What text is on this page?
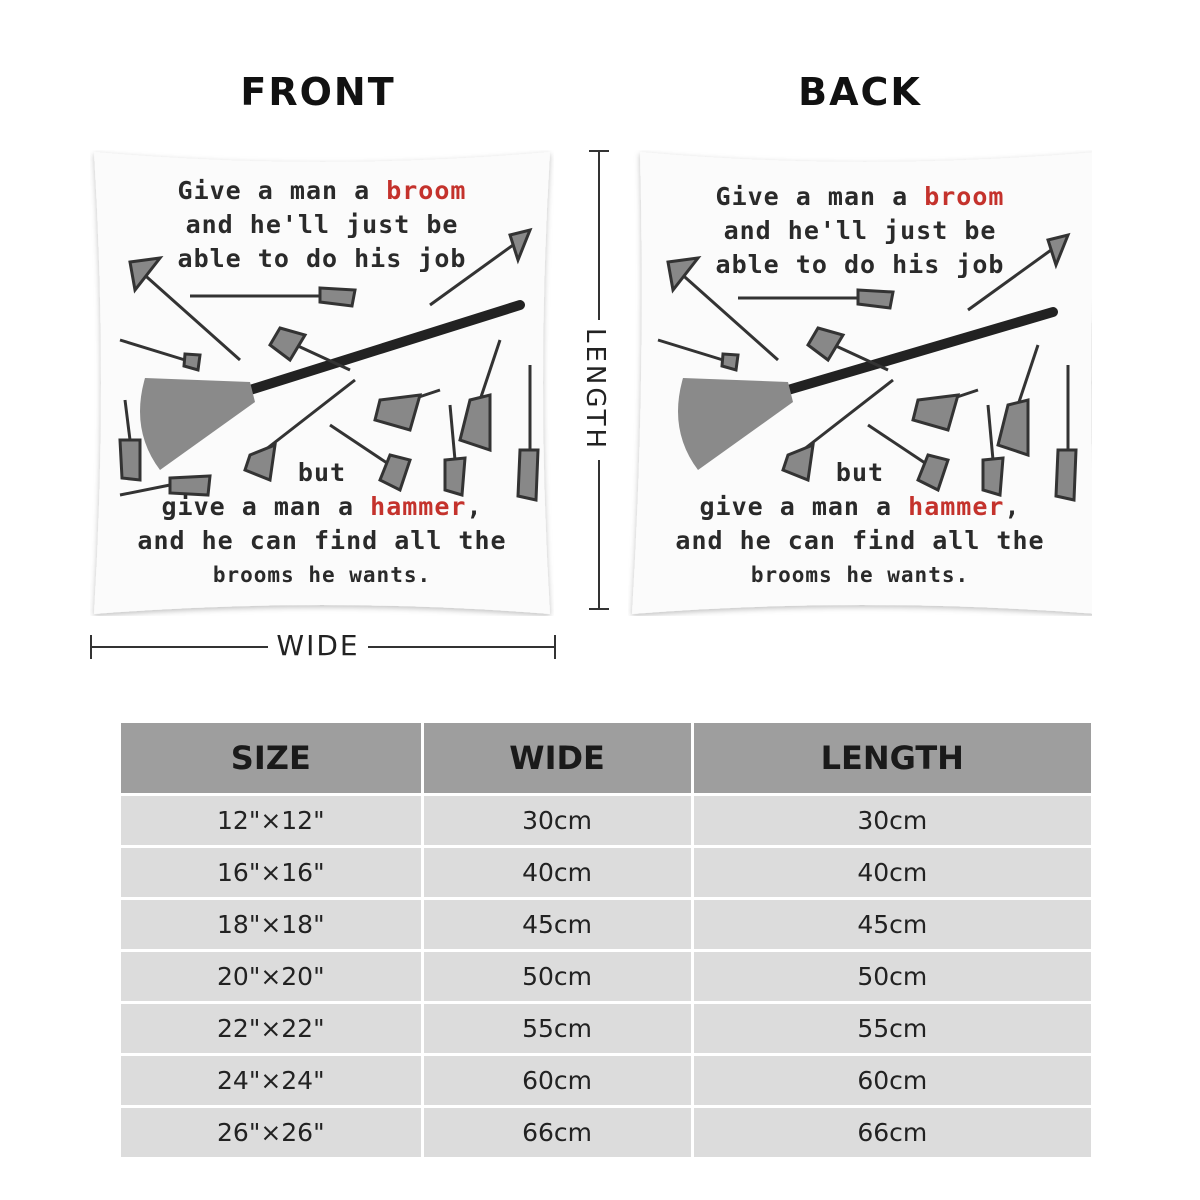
FRONT	BACK
Give a man a broom
and he'll just be
able to do his job
but
give a man a hammer,
and he can find all the
brooms he wants.
Give a man a broom
and he'll just be
able to do his job
but
give a man a hammer,
and he can find all the
brooms he wants.
LENGTH
WIDE
SIZE	WIDE	LENGTH
12"×12"	30cm	30cm
16"×16"	40cm	40cm
18"×18"	45cm	45cm
20"×20"	50cm	50cm
22"×22"	55cm	55cm
24"×24"	60cm	60cm
26"×26"	66cm	66cm
